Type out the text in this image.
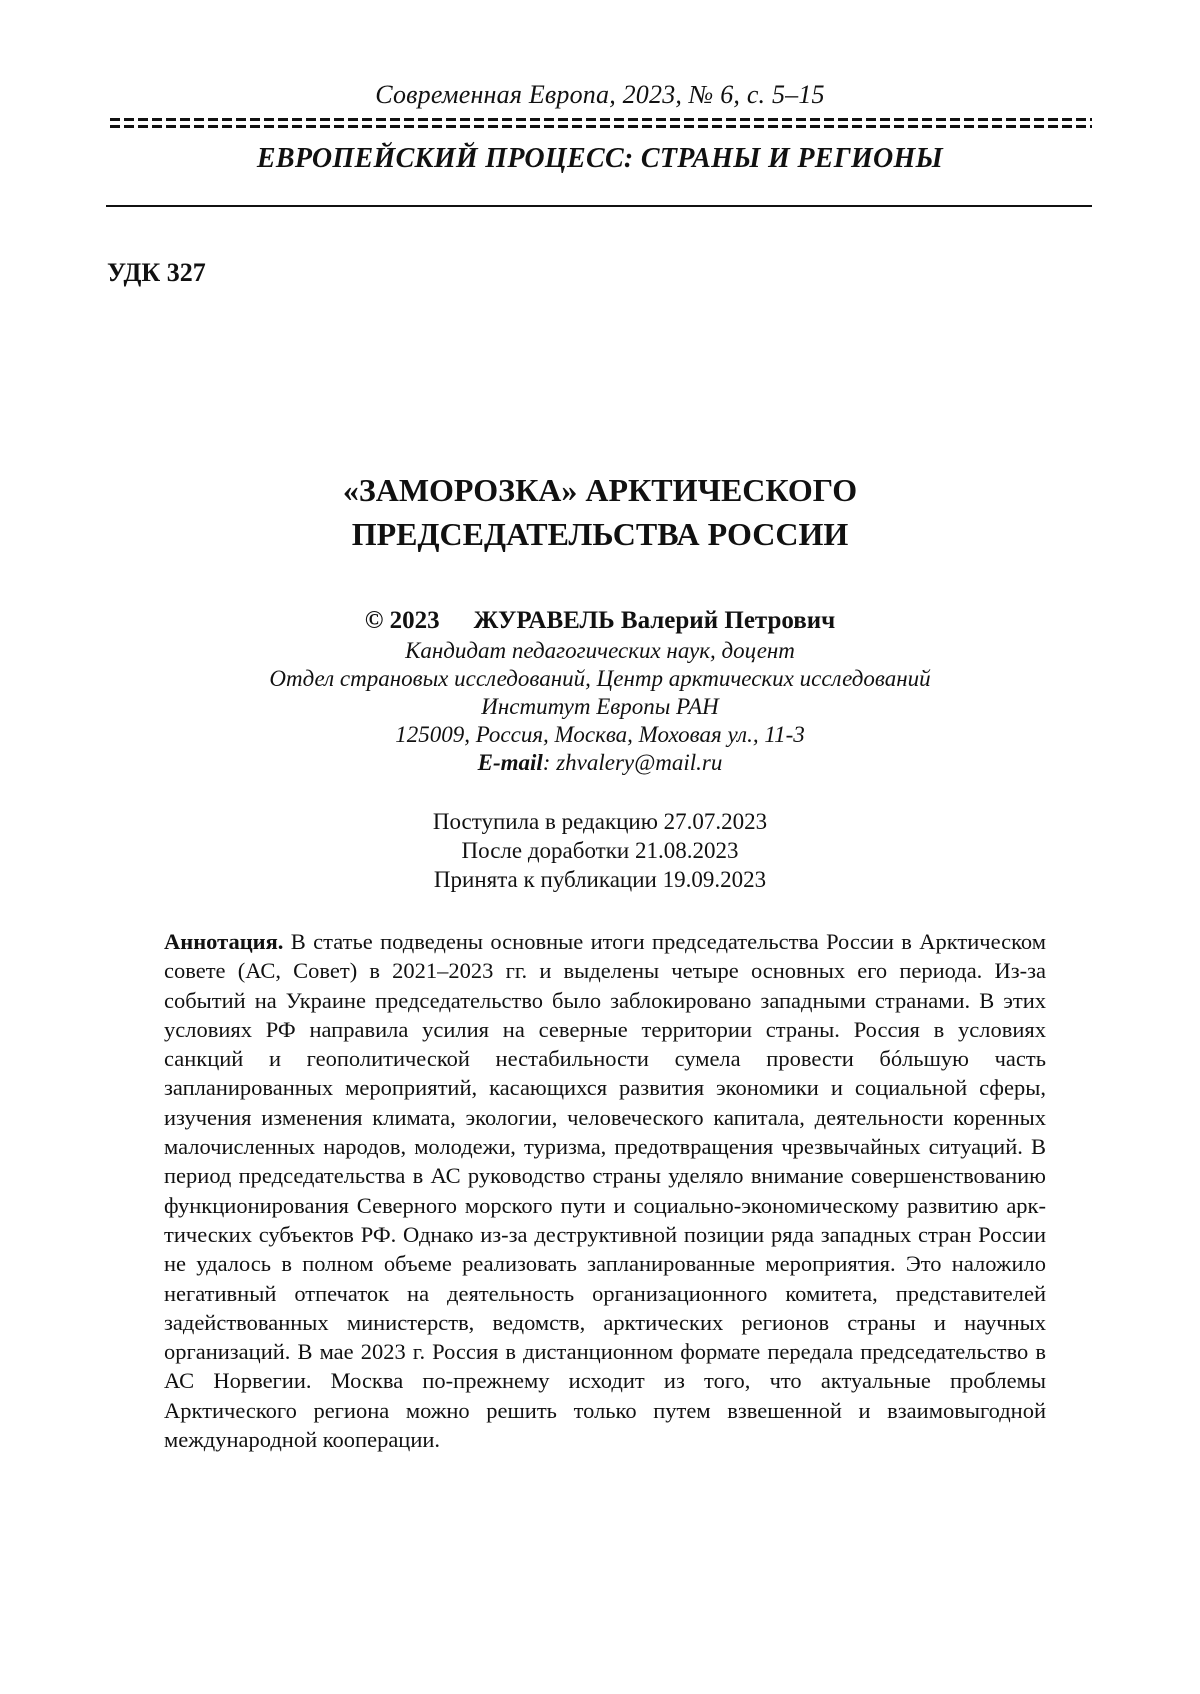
Современная Европа, 2023, № 6, с. 5–15
ЕВРОПЕЙСКИЙ ПРОЦЕСС: СТРАНЫ И РЕГИОНЫ
УДК 327
«ЗАМОРОЗКА» АРКТИЧЕСКОГО
ПРЕДСЕДАТЕЛЬСТВА РОССИИ
© 2023 ЖУРАВЕЛЬ Валерий Петрович
Кандидат педагогических наук, доцент
Отдел страновых исследований, Центр арктических исследований
Институт Европы РАН
125009, Россия, Москва, Моховая ул., 11-3
E-mail: zhvalery@mail.ru
Поступила в редакцию 27.07.2023
После доработки 21.08.2023
Принята к публикации 19.09.2023
Аннотация. В статье подведены основные итоги председательства России в Арктическом совете (АС, Совет) в 2021–2023 гг. и выделены четыре основных его периода. Из-за событий на Украине председательство было заблокировано западными странами. В этих условиях РФ направила усилия на северные территории страны. Россия в условиях санкций и геополитической нестабильности сумела провести бóльшую часть запланированных мероприятий, касающихся развития экономики и социальной сферы, изучения изменения климата, экологии, человеческого капитала, деятельности коренных малочисленных народов, молодежи, туризма, предотвращения чрезвычайных ситуаций. В период председательства в АС руководство страны уделяло внимание совершенствованию функционирования Северного морского пути и социально-экономическому развитию арктических субъектов РФ. Однако из-за деструктивной позиции ряда западных стран России не удалось в полном объеме реализовать запланированные мероприятия. Это наложило негативный отпечаток на деятельность организационного комитета, представителей задействованных министерств, ведомств, арктических регионов страны и научных организаций. В мае 2023 г. Россия в дистанционном формате передала председательство в АС Норвегии. Москва по-прежнему исходит из того, что актуальные проблемы Арктического региона можно решить только путем взвешенной и взаимовыгодной международной кооперации.
